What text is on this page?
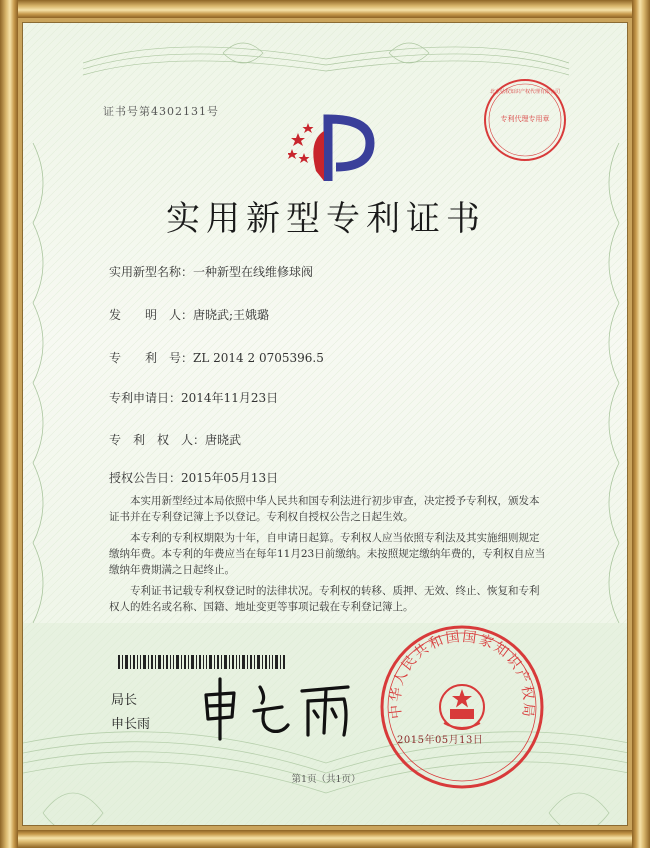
证书号第4302131号
专利代理专用章
北京弘权知识产权代理有限公司
实用新型专利证书
实用新型名称：一种新型在线维修球阀
发　　明　人：唐晓武;王娥璐
专　　利　号：ZL 2014 2 0705396.5
专利申请日：2014年11月23日
专　利　权　人：唐晓武
授权公告日：2015年05月13日
本实用新型经过本局依照中华人民共和国专利法进行初步审查，决定授予专利权，颁发本证书并在专利登记簿上予以登记。专利权自授权公告之日起生效。
本专利的专利权期限为十年，自申请日起算。专利权人应当依照专利法及其实施细则规定缴纳年费。本专利的年费应当在每年11月23日前缴纳。未按照规定缴纳年费的，专利权自应当缴纳年费期满之日起终止。
专利证书记载专利权登记时的法律状况。专利权的转移、质押、无效、终止、恢复和专利权人的姓名或名称、国籍、地址变更等事项记载在专利登记簿上。
局长
申长雨
中华人民共和国国家知识产权局
2015年05月13日
第1页（共1页）
